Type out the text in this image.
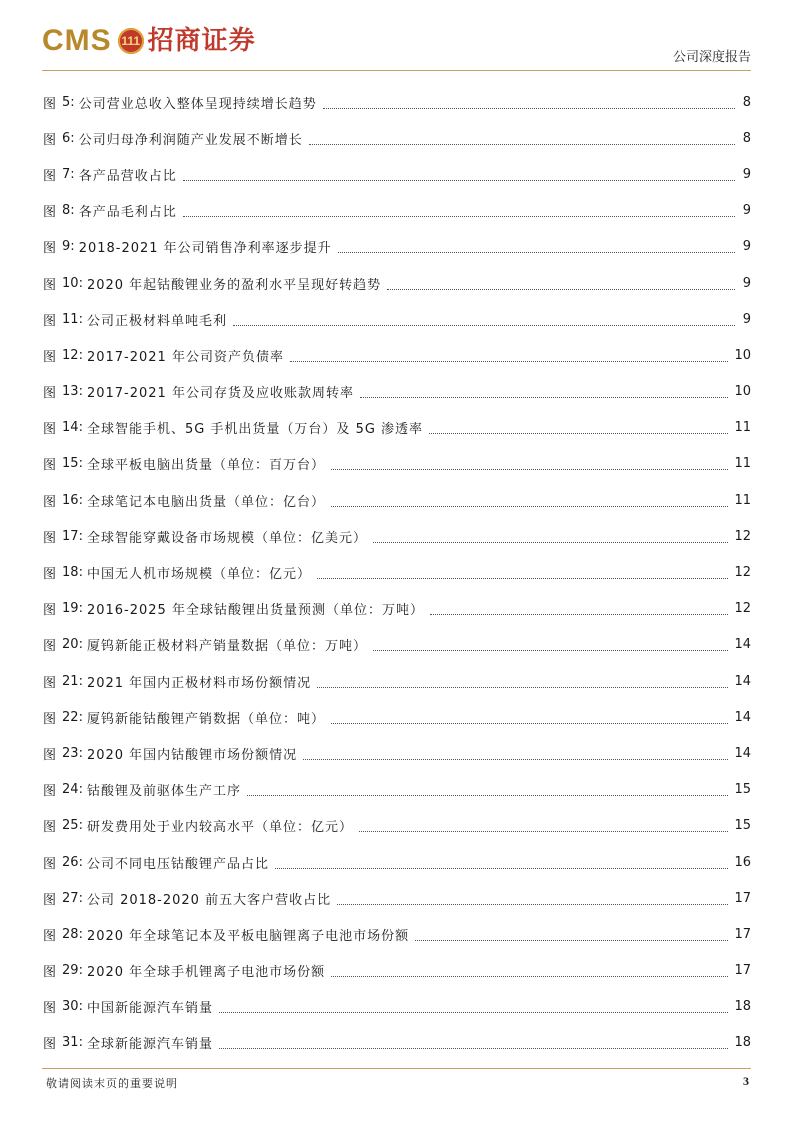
CMS 111 招商证券
公司深度报告
图 5 : 公司营业总收入整体呈现持续增长趋势	8
图 6 : 公司归母净利润随产业发展不断增长	8
图 7 : 各产品营收占比	9
图 8 : 各产品毛利占比	9
图 9 : 2018-2021 年公司销售净利率逐步提升	9
图 10 : 2020 年起钴酸锂业务的盈利水平呈现好转趋势	9
图 11 : 公司正极材料单吨毛利	9
图 12 : 2017-2021 年公司资产负债率	10
图 13 : 2017-2021 年公司存货及应收账款周转率	10
图 14 : 全球智能手机、5G 手机出货量（万台）及 5G 渗透率	11
图 15 : 全球平板电脑出货量（单位：百万台）	11
图 16 : 全球笔记本电脑出货量（单位：亿台）	11
图 17 : 全球智能穿戴设备市场规模（单位：亿美元）	12
图 18 : 中国无人机市场规模（单位：亿元）	12
图 19 : 2016-2025 年全球钴酸锂出货量预测（单位：万吨）	12
图 20 : 厦钨新能正极材料产销量数据（单位：万吨）	14
图 21 : 2021 年国内正极材料市场份额情况	14
图 22 : 厦钨新能钴酸锂产销数据（单位：吨）	14
图 23 : 2020 年国内钴酸锂市场份额情况	14
图 24 : 钴酸锂及前驱体生产工序	15
图 25 : 研发费用处于业内较高水平（单位：亿元）	15
图 26 : 公司不同电压钴酸锂产品占比	16
图 27 : 公司 2018-2020 前五大客户营收占比	17
图 28 : 2020 年全球笔记本及平板电脑锂离子电池市场份额	17
图 29 : 2020 年全球手机锂离子电池市场份额	17
图 30 : 中国新能源汽车销量	18
图 31 : 全球新能源汽车销量	18
敬请阅读末页的重要说明	3
